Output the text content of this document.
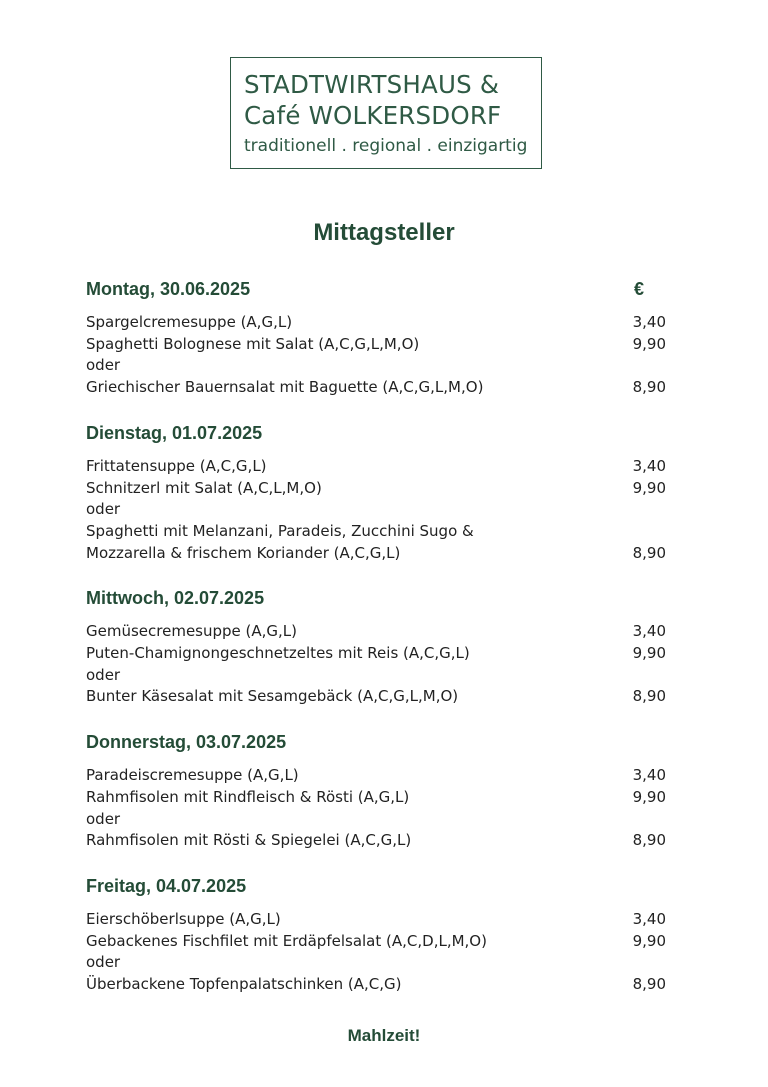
STADTWIRTSHAUS &
Café WOLKERSDORF
traditionell . regional . einzigartig
Mittagsteller
Montag, 30.06.2025	€
Spargelcremesuppe (A,G,L)	3,40
Spaghetti Bolognese mit Salat (A,C,G,L,M,O)	9,90
oder
Griechischer Bauernsalat mit Baguette (A,C,G,L,M,O)	8,90
Dienstag, 01.07.2025
Frittatensuppe (A,C,G,L)	3,40
Schnitzerl mit Salat (A,C,L,M,O)	9,90
oder
Spaghetti mit Melanzani, Paradeis, Zucchini Sugo &
Mozzarella & frischem Koriander (A,C,G,L)	8,90
Mittwoch, 02.07.2025
Gemüsecremesuppe (A,G,L)	3,40
Puten-Chamignongeschnetzeltes mit Reis (A,C,G,L)	9,90
oder
Bunter Käsesalat mit Sesamgebäck (A,C,G,L,M,O)	8,90
Donnerstag, 03.07.2025
Paradeiscremesuppe (A,G,L)	3,40
Rahmfisolen mit Rindfleisch & Rösti (A,G,L)	9,90
oder
Rahmfisolen mit Rösti & Spiegelei (A,C,G,L)	8,90
Freitag, 04.07.2025
Eierschöberlsuppe (A,G,L)	3,40
Gebackenes Fischfilet mit Erdäpfelsalat (A,C,D,L,M,O)	9,90
oder
Überbackene Topfenpalatschinken (A,C,G)	8,90
Mahlzeit!
